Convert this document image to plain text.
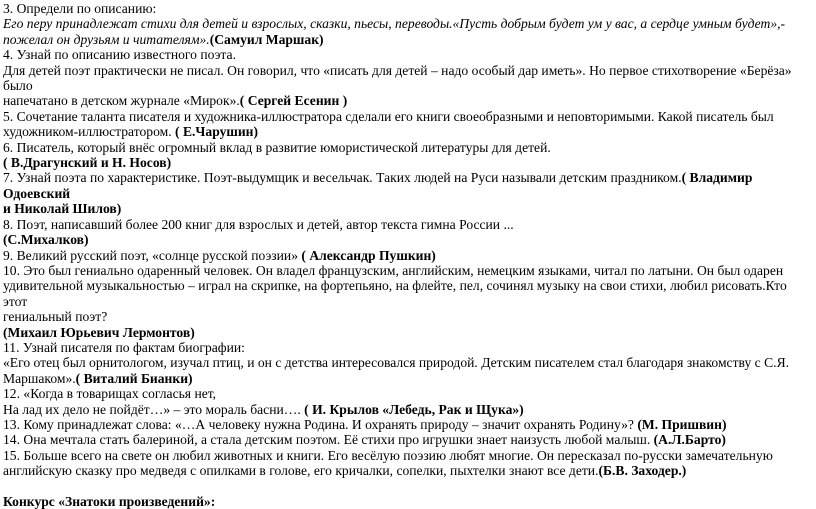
3. Определи по описанию:

Его перу принадлежат стихи для детей и взрослых, сказки, пьесы, переводы.«Пусть добрым будет ум у вас, а сердце умным будет»,-

пожелал он друзьям и читателям».(Самуил Маршак)

4. Узнай по описанию известного поэта.

Для детей поэт практически не писал. Он говорил, что «писать для детей – надо особый дар иметь». Но первое стихотворение «Берёза» было

напечатано в детском журнале «Мирок».( Сергей Есенин )

5. Сочетание таланта писателя и художника-иллюстратора сделали его книги своеобразными и неповторимыми. Какой писатель был

художником-иллюстратором. ( Е.Чарушин)

6. Писатель, который внёс огромный вклад в развитие юмористической литературы для детей.

( В.Драгунский и Н. Носов)

7. Узнай поэта по характеристике. Поэт-выдумщик и весельчак. Таких людей на Руси называли детским праздником.( Владимир Одоевский

и Николай Шилов)

8. Поэт, написавший более 200 книг для взрослых и детей, автор текста гимна России ...

(С.Михалков)

9. Великий русский поэт, «солнце русской поэзии» ( Александр Пушкин)

10. Это был гениально одаренный человек. Он владел французским, английским, немецким языками, читал по латыни. Он был одарен

удивительной музыкальностью – играл на скрипке, на фортепьяно, на флейте, пел, сочинял музыку на свои стихи, любил рисовать.Кто этот

гениальный поэт?

(Михаил Юрьевич Лермонтов)

11. Узнай писателя по фактам биографии:

«Его отец был орнитологом, изучал птиц, и он с детства интересовался природой. Детским писателем стал благодаря знакомству с С.Я.

Маршаком».( Виталий Бианки)

12. «Когда в товарищах согласья нет,

На лад их дело не пойдёт…» – это мораль басни…. ( И. Крылов «Лебедь, Рак и Щука»)

13. Кому принадлежат слова: «…А человеку нужна Родина. И охранять природу – значит охранять Родину»? (М. Пришвин)

14. Она мечтала стать балериной, а стала детским поэтом. Её стихи про игрушки знает наизусть любой малыш. (А.Л.Барто)

15. Больше всего на свете он любил животных и книги. Его весёлую поэзию любят многие. Он пересказал по-русски замечательную

английскую сказку про медведя с опилками в голове, его кричалки, сопелки, пыхтелки знают все дети.(Б.В. Заходер.)

Конкурс «Знатоки произведений»:
